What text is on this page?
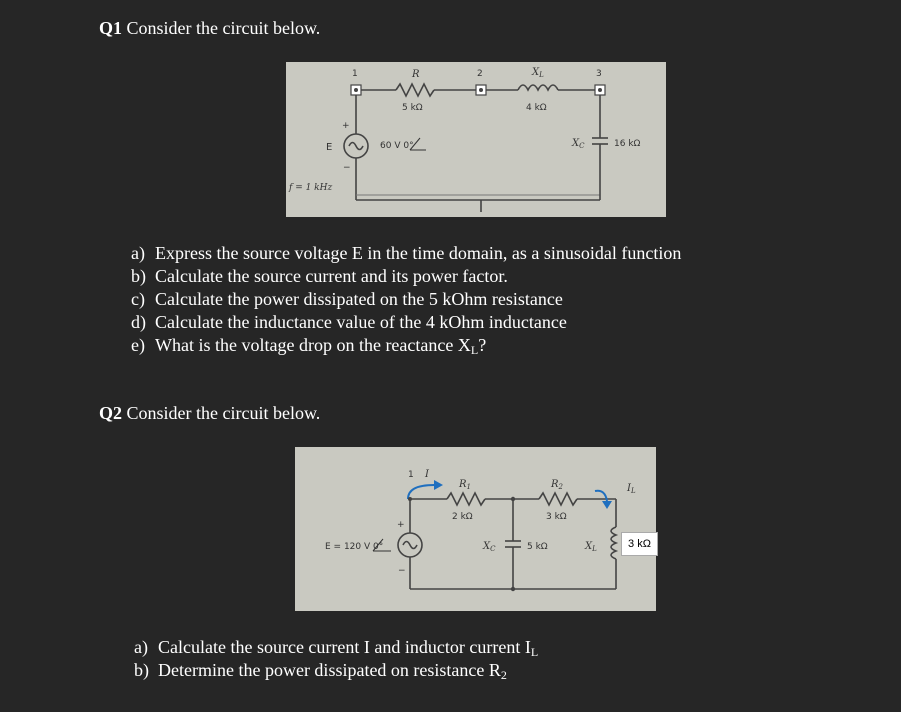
Q1 Consider the circuit below.
1	2	3
R
5 kΩ
$X_L$
4 kΩ
+
E
−
60 V 0°
f = 1 kHz
$X_C$	16 kΩ
a) Express the source voltage E in the time domain, as a sinusoidal function
b) Calculate the source current and its power factor.
c) Calculate the power dissipated on the 5 kOhm resistance
d) Calculate the inductance value of the 4 kOhm inductance
e) What is the voltage drop on the reactance $X_L$?
Q2 Consider the circuit below.
1
$R_1$
2 kΩ
$R_2$
3 kΩ
+
−
E = 120 V 0°
I
$I_L$
$X_C$	5 kΩ	$X_L$	3 kΩ
a) Calculate the source current I and inductor current $I_L$
b) Determine the power dissipated on resistance $R_2$
